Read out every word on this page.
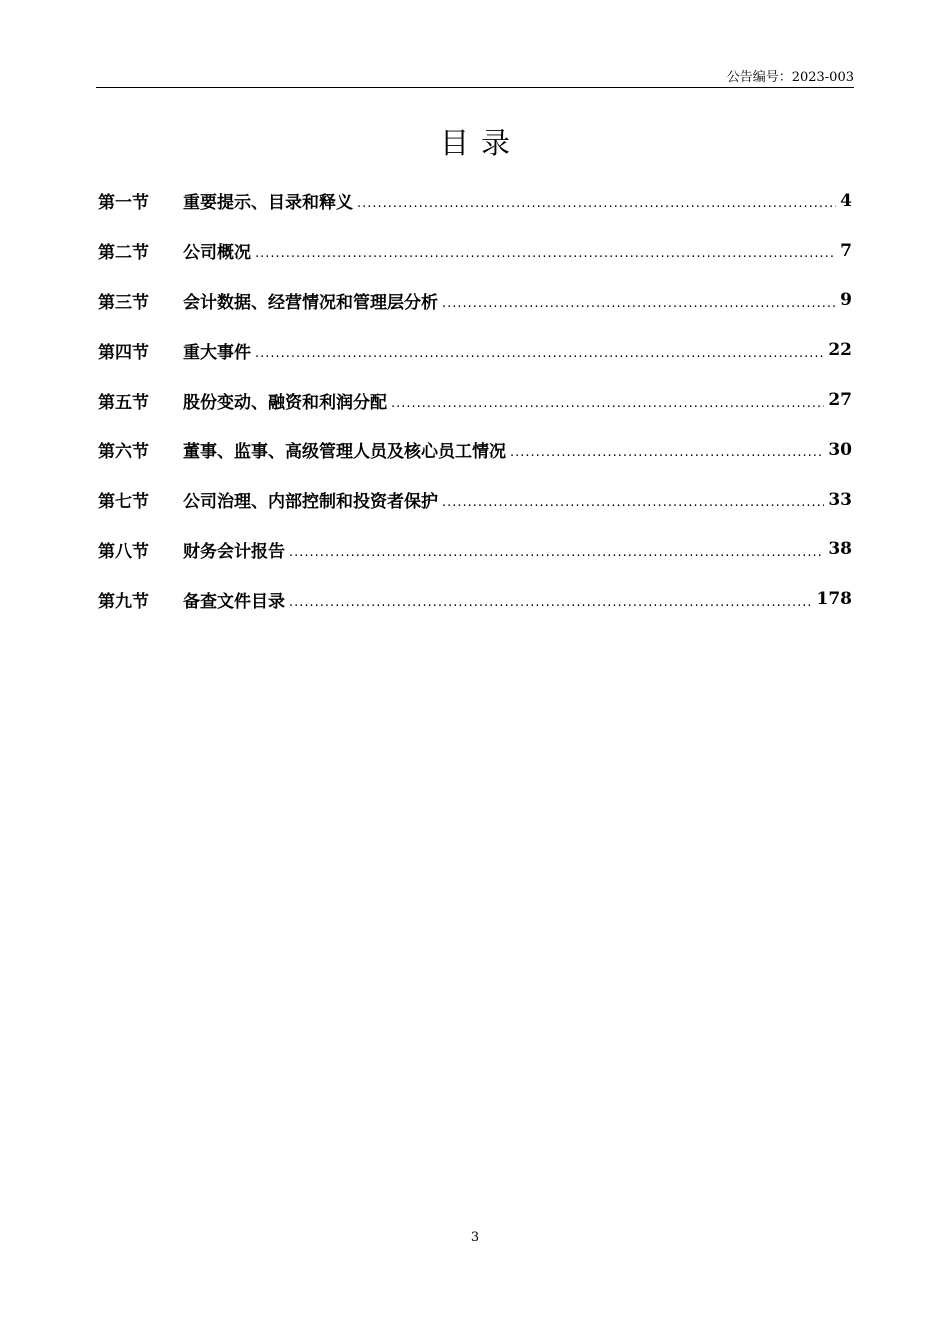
公告编号：2023-003
目录
第一节	重要提示、目录和释义 .....	4
第二节	公司概况 .....	7
第三节	会计数据、经营情况和管理层分析 .....	9
第四节	重大事件 .....	22
第五节	股份变动、融资和利润分配 .....	27
第六节	董事、监事、高级管理人员及核心员工情况 .....	30
第七节	公司治理、内部控制和投资者保护 .....	33
第八节	财务会计报告 .....	38
第九节	备查文件目录 .....	178
3
